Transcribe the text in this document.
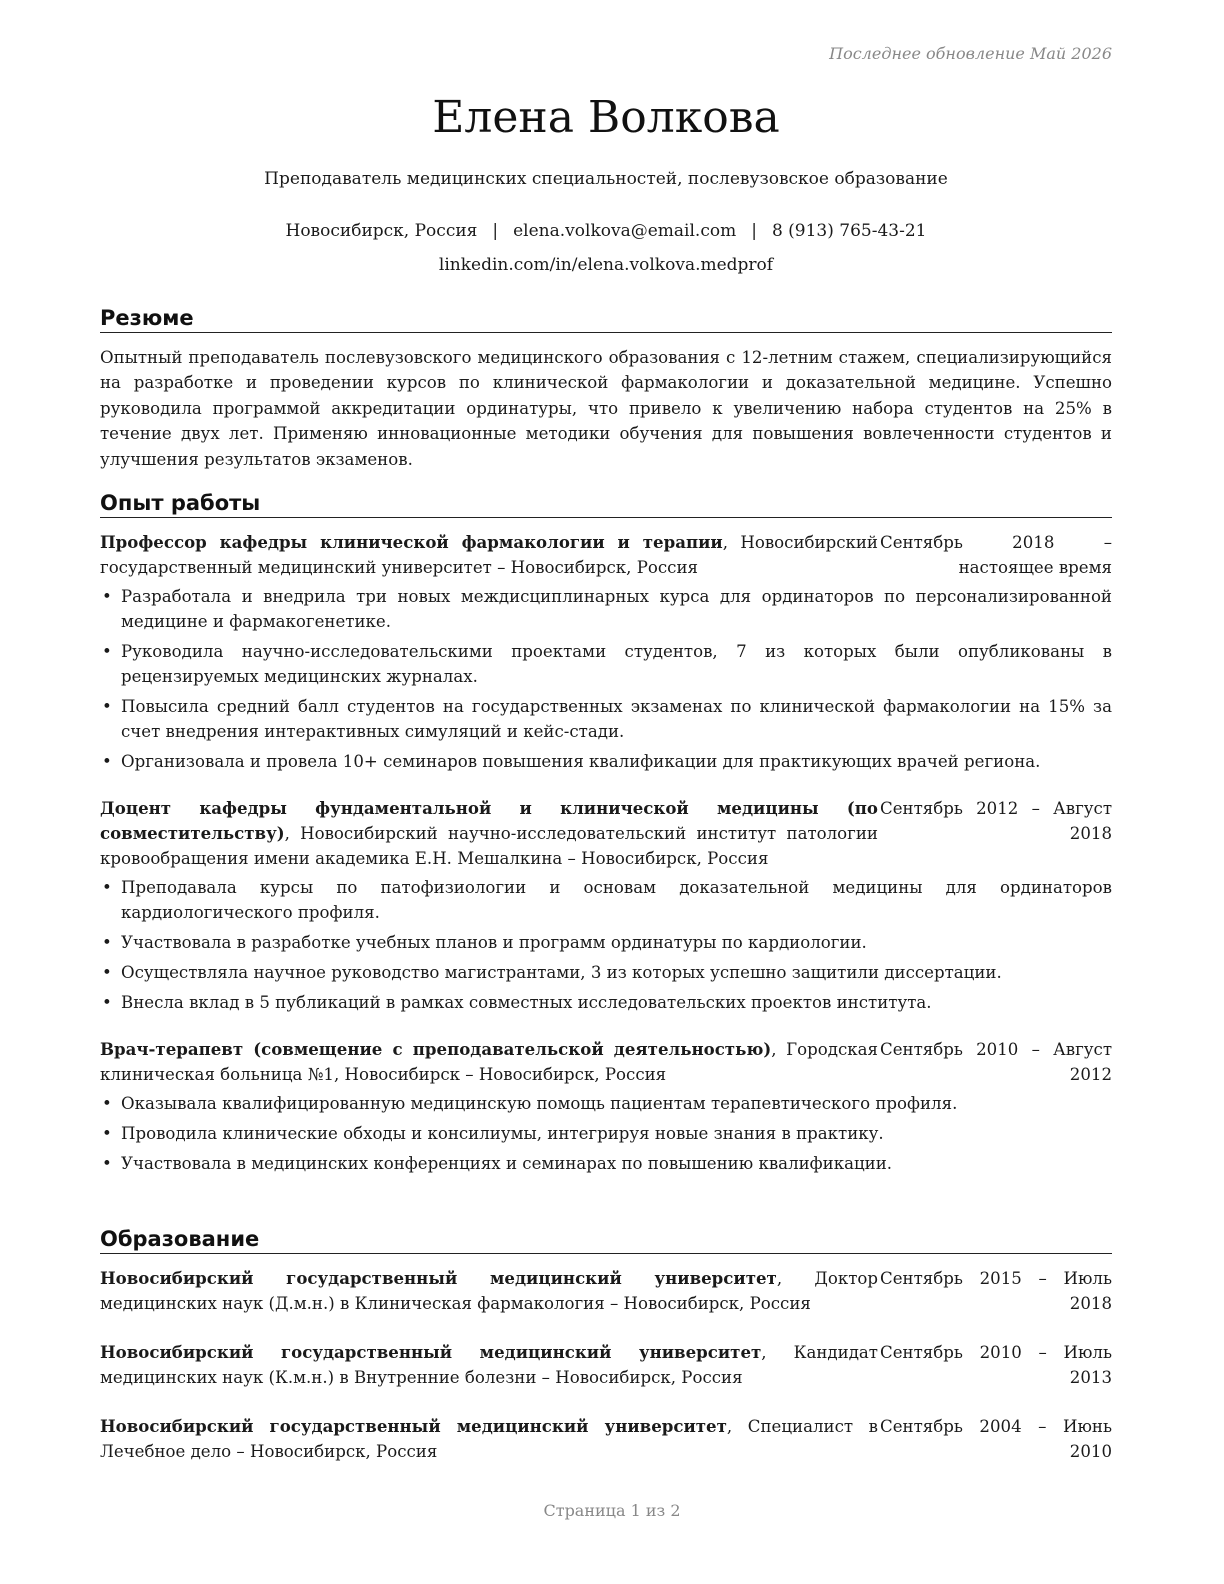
Последнее обновление Май 2026
Елена Волкова
Преподаватель медицинских специальностей, послевузовское образование
Новосибирск, Россия | elena.volkova@email.com | 8 (913) 765-43-21
linkedin.com/in/elena.volkova.medprof
Резюме
Опытный преподаватель послевузовского медицинского образования с 12-летним стажем, специализирующийся на разработке и проведении курсов по клинической фармакологии и доказательной медицине. Успешно руководила программой аккредитации ординатуры, что привело к увеличению набора студентов на 25% в течение двух лет. Применяю инновационные методики обучения для повышения вовлеченности студентов и улучшения результатов экзаменов.
Опыт работы
Профессор кафедры клинической фармакологии и терапии, Новосибирский государственный медицинский университет – Новосибирск, Россия
Сентябрь 2018 – настоящее время
• Разработала и внедрила три новых междисциплинарных курса для ординаторов по персонализированной медицине и фармакогенетике.
• Руководила научно-исследовательскими проектами студентов, 7 из которых были опубликованы в рецензируемых медицинских журналах.
• Повысила средний балл студентов на государственных экзаменах по клинической фармакологии на 15% за счет внедрения интерактивных симуляций и кейс-стади.
• Организовала и провела 10+ семинаров повышения квалификации для практикующих врачей региона.
Доцент кафедры фундаментальной и клинической медицины (по совместительству), Новосибирский научно-исследовательский институт патологии кровообращения имени академика Е.Н. Мешалкина – Новосибирск, Россия
Сентябрь 2012 – Август 2018
• Преподавала курсы по патофизиологии и основам доказательной медицины для ординаторов кардиологического профиля.
• Участвовала в разработке учебных планов и программ ординатуры по кардиологии.
• Осуществляла научное руководство магистрантами, 3 из которых успешно защитили диссертации.
• Внесла вклад в 5 публикаций в рамках совместных исследовательских проектов института.
Врач-терапевт (совмещение с преподавательской деятельностью), Городская клиническая больница №1, Новосибирск – Новосибирск, Россия
Сентябрь 2010 – Август 2012
• Оказывала квалифицированную медицинскую помощь пациентам терапевтического профиля.
• Проводила клинические обходы и консилиумы, интегрируя новые знания в практику.
• Участвовала в медицинских конференциях и семинарах по повышению квалификации.
Образование
Новосибирский государственный медицинский университет, Доктор медицинских наук (Д.м.н.) в Клиническая фармакология – Новосибирск, Россия
Сентябрь 2015 – Июль 2018
Новосибирский государственный медицинский университет, Кандидат медицинских наук (К.м.н.) в Внутренние болезни – Новосибирск, Россия
Сентябрь 2010 – Июль 2013
Новосибирский государственный медицинский университет, Специалист в Лечебное дело – Новосибирск, Россия
Сентябрь 2004 – Июнь 2010
Страница 1 из 2
